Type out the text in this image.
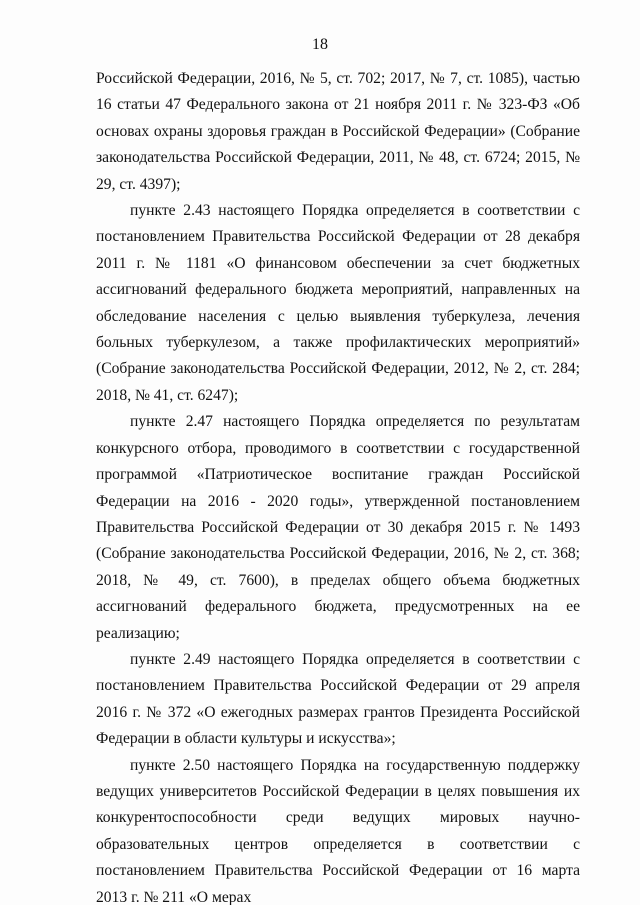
18

Российской Федерации, 2016, № 5, ст. 702; 2017, № 7, ст. 1085), частью 16 статьи 47 Федерального закона от 21 ноября 2011 г. № 323-ФЗ «Об основах охраны здоровья граждан в Российской Федерации» (Собрание законодательства Российской Федерации, 2011, № 48, ст. 6724; 2015, № 29, ст. 4397);

пункте 2.43 настоящего Порядка определяется в соответствии с постановлением Правительства Российской Федерации от 28 декабря 2011 г. № 1181 «О финансовом обеспечении за счет бюджетных ассигнований федерального бюджета мероприятий, направленных на обследование населения с целью выявления туберкулеза, лечения больных туберкулезом, а также профилактических мероприятий» (Собрание законодательства Российской Федерации, 2012, № 2, ст. 284; 2018, № 41, ст. 6247);

пункте 2.47 настоящего Порядка определяется по результатам конкурсного отбора, проводимого в соответствии с государственной программой «Патриотическое воспитание граждан Российской Федерации на 2016 - 2020 годы», утвержденной постановлением Правительства Российской Федерации от 30 декабря 2015 г. № 1493 (Собрание законодательства Российской Федерации, 2016, № 2, ст. 368; 2018, № 49, ст. 7600), в пределах общего объема бюджетных ассигнований федерального бюджета, предусмотренных на ее реализацию;

пункте 2.49 настоящего Порядка определяется в соответствии с постановлением Правительства Российской Федерации от 29 апреля 2016 г. № 372 «О ежегодных размерах грантов Президента Российской Федерации в области культуры и искусства»;

пункте 2.50 настоящего Порядка на государственную поддержку ведущих университетов Российской Федерации в целях повышения их конкурентоспособности среди ведущих мировых научно-образовательных центров определяется в соответствии с постановлением Правительства Российской Федерации от 16 марта 2013 г. № 211 «О мерах
